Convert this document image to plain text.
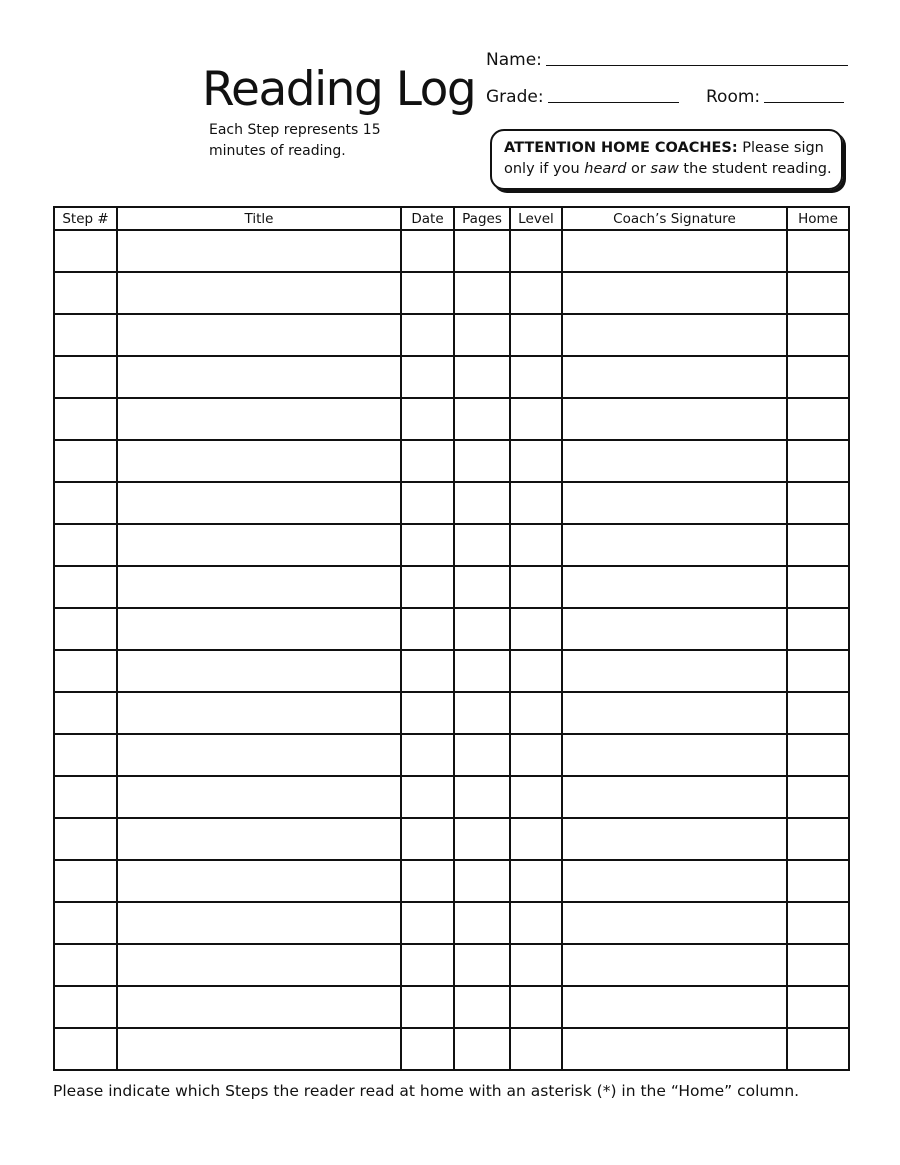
Reading Log
Each Step represents 15 minutes of reading.
Name:
Grade:	Room:
ATTENTION HOME COACHES: Please sign only if you heard or saw the student reading.
Step #	Title	Date	Pages	Level	Coach’s Signature	Home

Please indicate which Steps the reader read at home with an asterisk (*) in the “Home” column.
